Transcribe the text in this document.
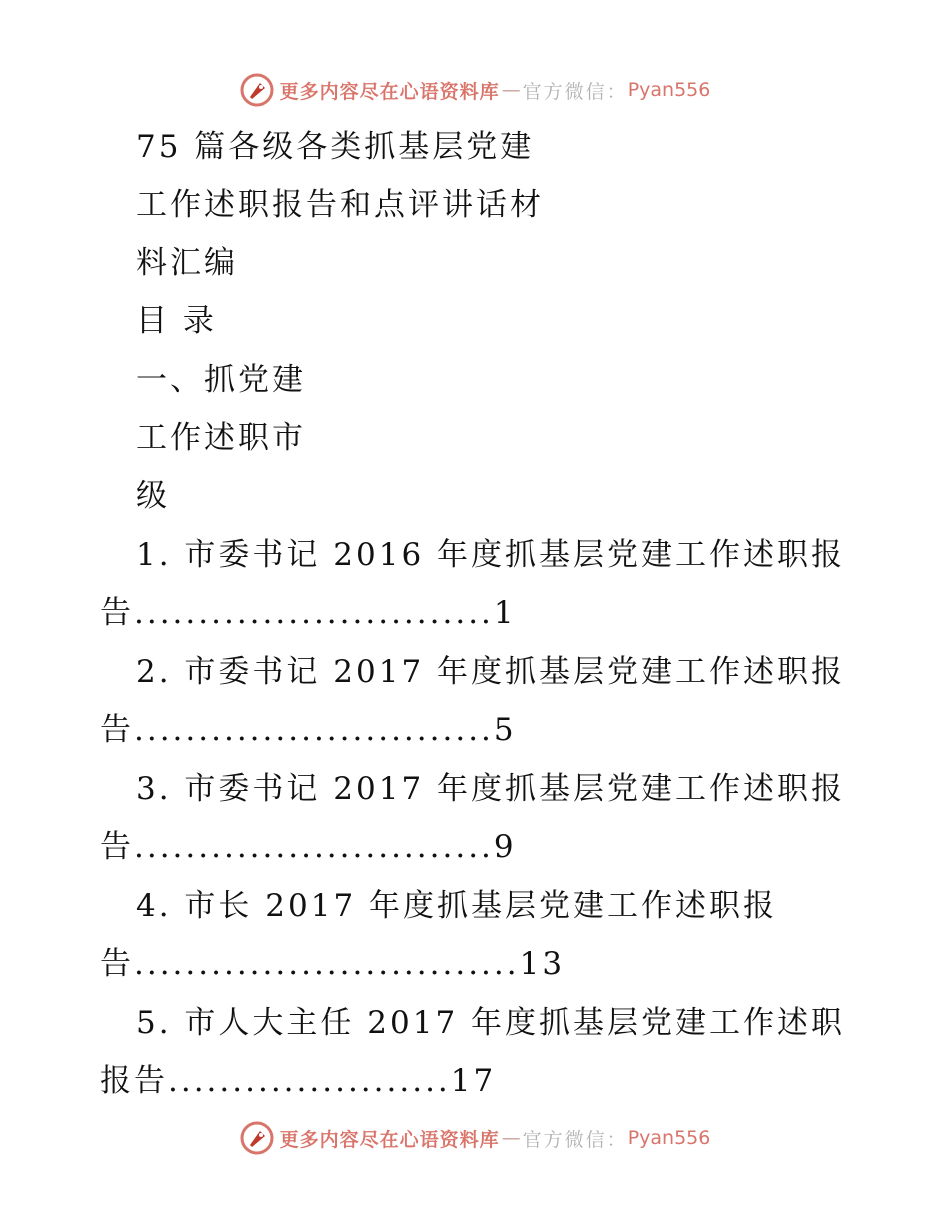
更多内容尽在心语资料库 — 官方微信： Pyan556
75 篇各级各类抓基层党建
工作述职报告和点评讲话材
料汇编
目 录
一、抓党建
工作述职市
级
1. 市委书记 2016 年度抓基层党建工作述职报
告............................1
2. 市委书记 2017 年度抓基层党建工作述职报
告............................5
3. 市委书记 2017 年度抓基层党建工作述职报
告............................9
4. 市长 2017 年度抓基层党建工作述职报
告..............................13
5. 市人大主任 2017 年度抓基层党建工作述职
报告......................17
更多内容尽在心语资料库 — 官方微信： Pyan556
